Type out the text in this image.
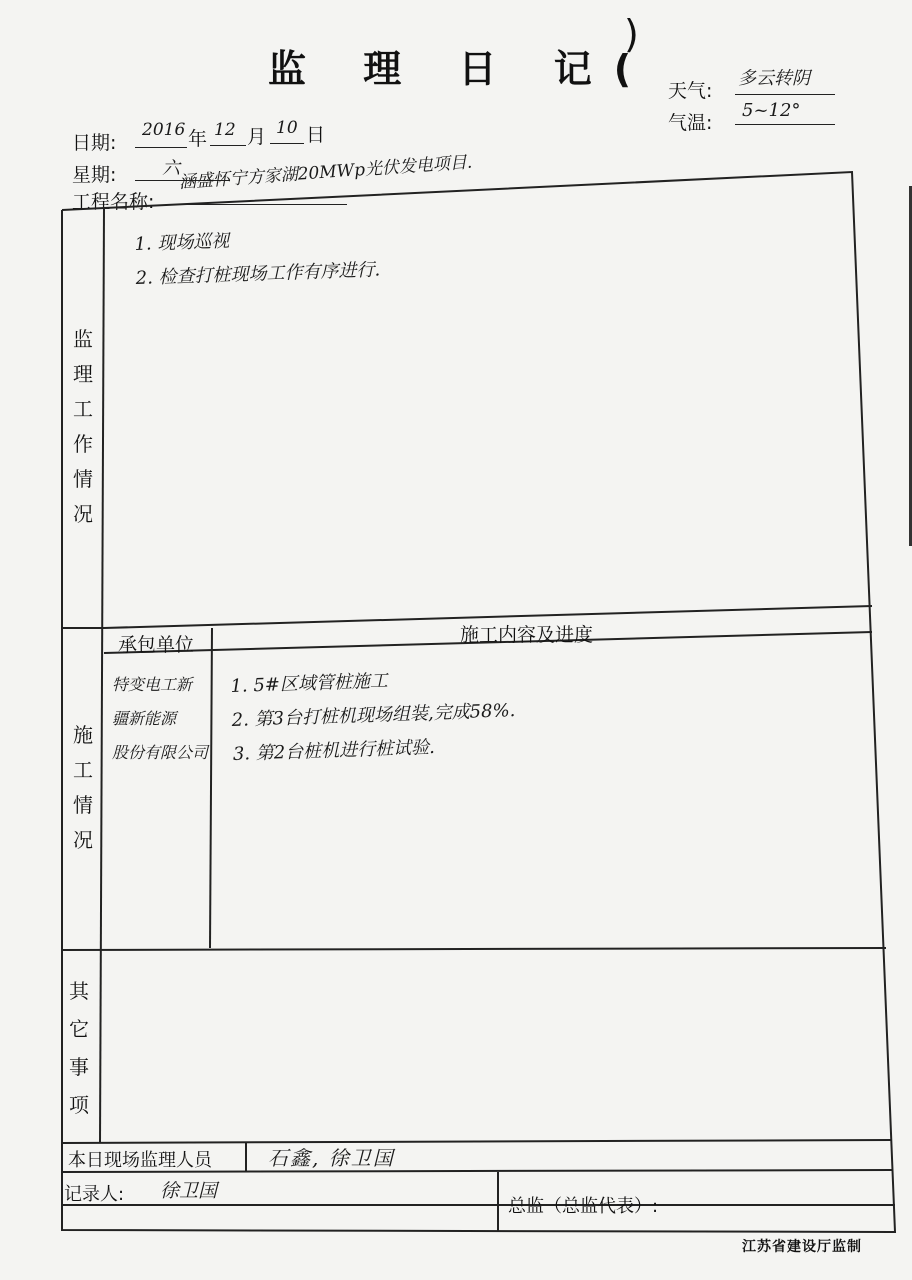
监 理 日 记(
)
天气:
多云转阴
气温:
5~12°
日期:
2016 年 12 月 10 日
星期:	六
工程名称:
涵盛怀宁方家湖20MWp光伏发电项目.
监
理
工
作
情
况
1. 现场巡视
2. 检查打桩现场工作有序进行.
承包单位	施工内容及进度
施
工
情
况
特变电工新
疆新能源
股份有限公司
1. 5#区域管桩施工
2. 第3台打桩机现场组装,完成58%.
3. 第2台桩机进行桩试验.
其
它
事
项
本日现场监理人员	石鑫, 徐卫国
记录人: 徐卫国
总监（总监代表）:
江苏省建设厅监制
